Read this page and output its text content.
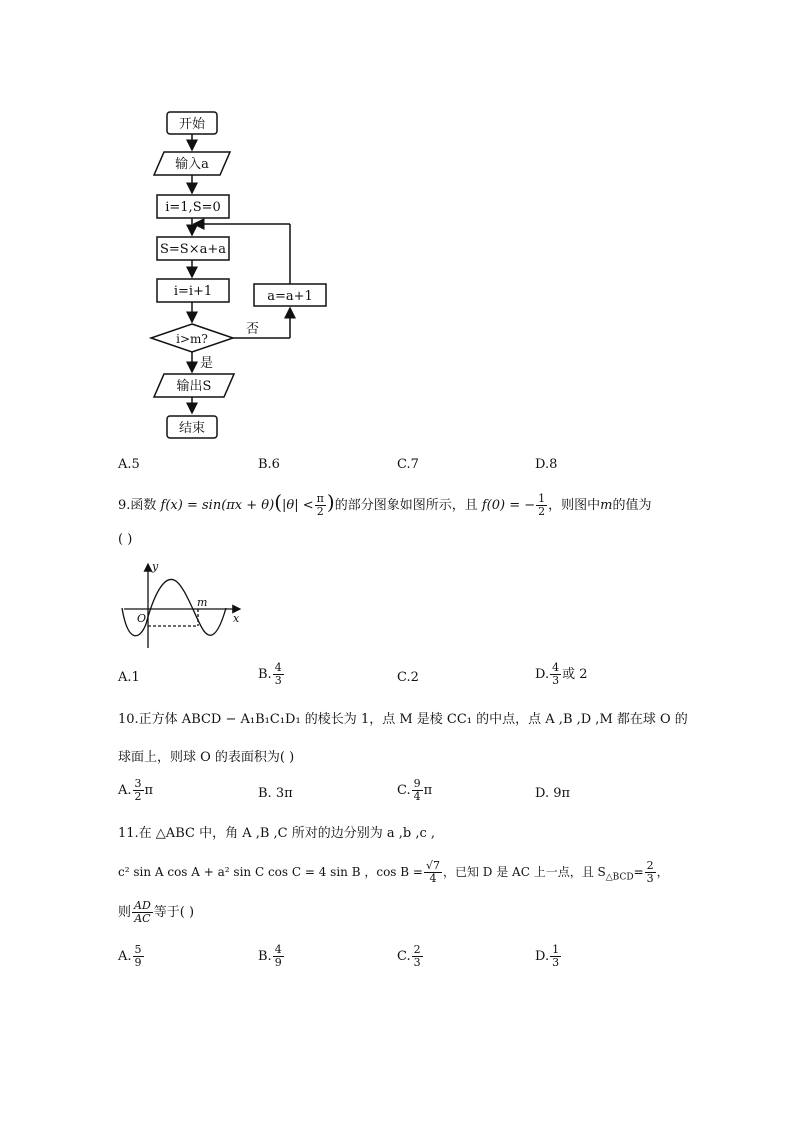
开始
输入a
i=1,S=0
S=S×a+a
i=i+1
i>m?
是
否
a=a+1
输出S
结束
A.5	B.6	C.7	D.8
9.函数 $f(x) = \sin(\pi x + \theta)(|\theta| < \frac{\pi}{2}$ )的部分图象如图所示，且 f(0) = − $\frac{1}{2}$ ，则图中m的值为
( )
y
x
O
m
A.1	B. $\frac{4}{3}$	C.2	D. $\frac{4}{3}$ 或 2
10.正方体 ABCD − A₁B₁C₁D₁ 的棱长为 1，点 M 是棱 CC₁ 的中点，点 A ,B ,D ,M 都在球 O 的
球面上，则球 O 的表面积为( )
A. $\frac{3}{2}$ π	B. 3π	C. $\frac{9}{4}$ π	D. 9π
11.在 △ABC 中，角 A ,B ,C 所对的边分别为 a ,b ,c ,
c² sin A cos A + a² sin C cos C = 4 sin B ，$\cos B = \frac{√7}{4}$ ，已知 D 是 AC 上一点，且 $S_{\triangle BCD}= \frac{2}{3}$ ，
则 $\frac{AD}{AC}$ 等于( )
A. $\frac{5}{9}$	B. $\frac{4}{9}$	C. $\frac{2}{3}$	D. $\frac{1}{3}$
